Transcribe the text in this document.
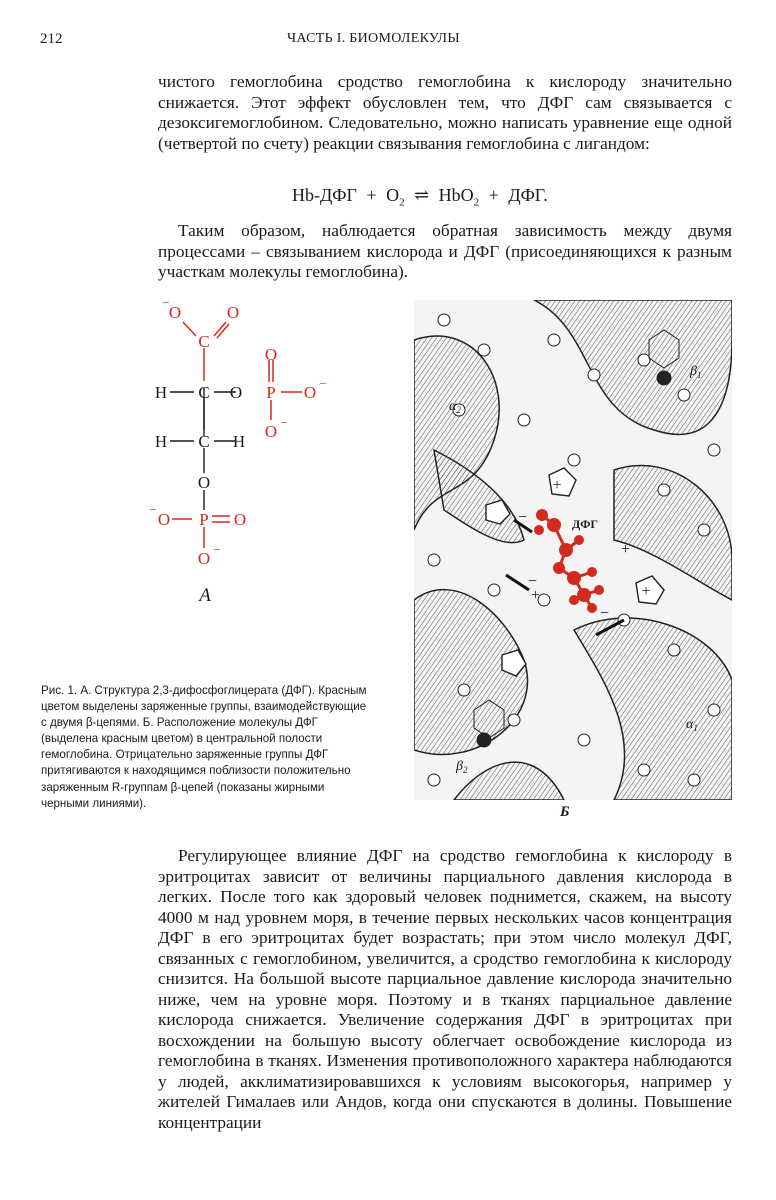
212	ЧАСТЬ I. БИОМОЛЕКУЛЫ

чистого гемоглобина сродство гемоглобина к кислороду значительно снижается. Этот эффект обусловлен тем, что ДФГ сам связывается с дезоксигемоглобином. Следовательно, можно написать уравнение еще одной (четвертой по счету) реакции связывания гемоглобина с лигандом:

$Hb-ДФГ + O_2$ ⇌ HbO$_2$ + ДФГ.

Таким образом, наблюдается обратная зависимость между двумя процессами – связыванием кислорода и ДФГ (присоединяющихся к разным участкам молекулы гемоглобина).

O
−
O
C
H C O P
O
O −
O −
H C H
O
O
−
P O
O −
А
ДФГ
$\alpha_2$
$\beta_1$
$\alpha_1$
$\beta_2$
+
+
+	+
−
−
−
Б
Рис. 1. А. Структура 2,3-дифосфоглицерата (ДФГ). Красным цветом выделены заряженные группы, взаимодействующие с двумя β-цепями. Б. Расположение молекулы ДФГ (выделена красным цветом) в центральной полости гемоглобина. Отрицательно заряженные группы ДФГ притягиваются к находящимся поблизости положительно заряженным R-группам β-цепей (показаны жирными черными линиями).

Регулирующее влияние ДФГ на сродство гемоглобина к кислороду в эритроцитах зависит от величины парциального давления кислорода в легких. После того как здоровый человек поднимется, скажем, на высоту 4000 м над уровнем моря, в течение первых нескольких часов концентрация ДФГ в его эритроцитах будет возрастать; при этом число молекул ДФГ, связанных с гемоглобином, увеличится, а сродство гемоглобина к кислороду снизится. На большой высоте парциальное давление кислорода значительно ниже, чем на уровне моря. Поэтому и в тканях парциальное давление кислорода снижается. Увеличение содержания ДФГ в эритроцитах при восхождении на большую высоту облегчает освобождение кислорода из гемоглобина в тканях. Изменения противоположного характера наблюдаются у людей, акклиматизировавшихся к условиям высокогорья, например у жителей Гималаев или Андов, когда они спускаются в долины. Повышение концентрации
